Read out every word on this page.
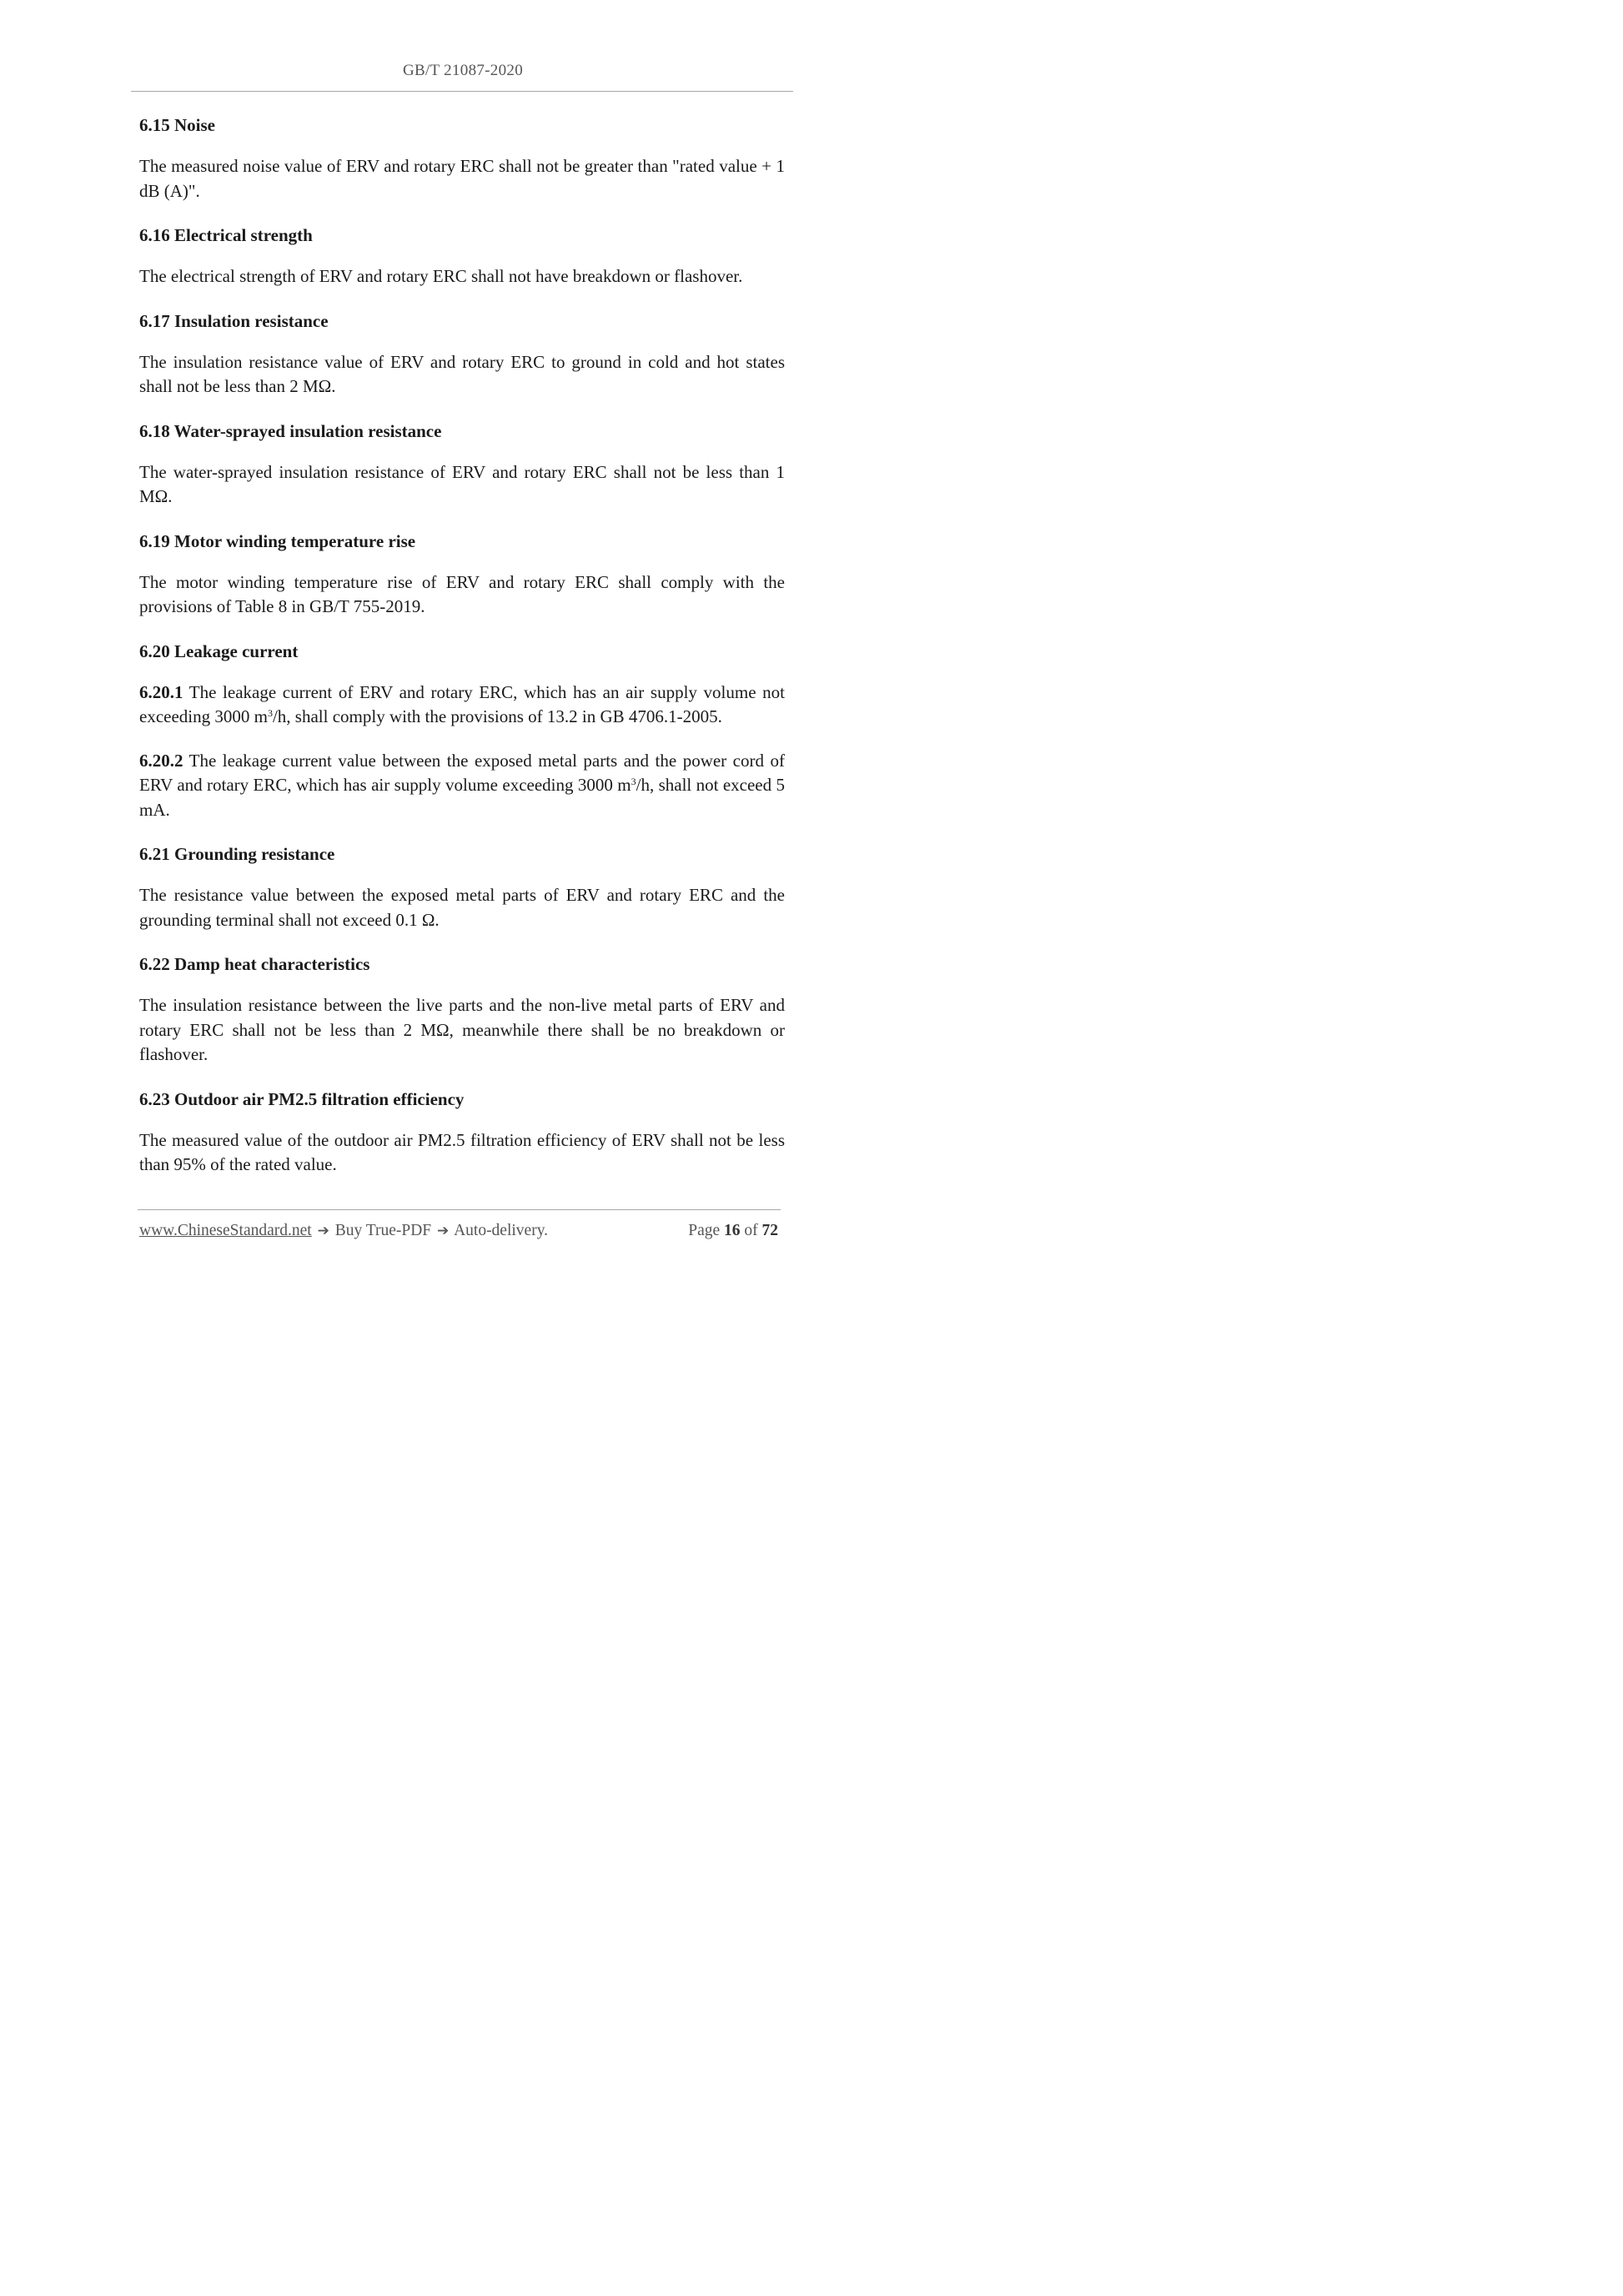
GB/T 21087-2020

6.15 Noise

The measured noise value of ERV and rotary ERC shall not be greater than "rated value + 1 dB (A)".

6.16 Electrical strength

The electrical strength of ERV and rotary ERC shall not have breakdown or flashover.

6.17 Insulation resistance

The insulation resistance value of ERV and rotary ERC to ground in cold and hot states shall not be less than 2 MΩ.

6.18 Water-sprayed insulation resistance

The water-sprayed insulation resistance of ERV and rotary ERC shall not be less than 1 MΩ.

6.19 Motor winding temperature rise

The motor winding temperature rise of ERV and rotary ERC shall comply with the provisions of Table 8 in GB/T 755-2019.

6.20 Leakage current

6.20.1 The leakage current of ERV and rotary ERC, which has an air supply volume not exceeding 3000 $m^3/h$, shall comply with the provisions of 13.2 in GB 4706.1-2005.

6.20.2 The leakage current value between the exposed metal parts and the power cord of ERV and rotary ERC, which has air supply volume exceeding 3000 $m^3/h$, shall not exceed 5 mA.

6.21 Grounding resistance

The resistance value between the exposed metal parts of ERV and rotary ERC and the grounding terminal shall not exceed 0.1 Ω.

6.22 Damp heat characteristics

The insulation resistance between the live parts and the non-live metal parts of ERV and rotary ERC shall not be less than 2 MΩ, meanwhile there shall be no breakdown or flashover.

6.23 Outdoor air PM2.5 filtration efficiency

The measured value of the outdoor air PM2.5 filtration efficiency of ERV shall not be less than 95% of the rated value.

www.ChineseStandard.net ➔ Buy True-PDF ➔ Auto-delivery.	Page 16 of 72
